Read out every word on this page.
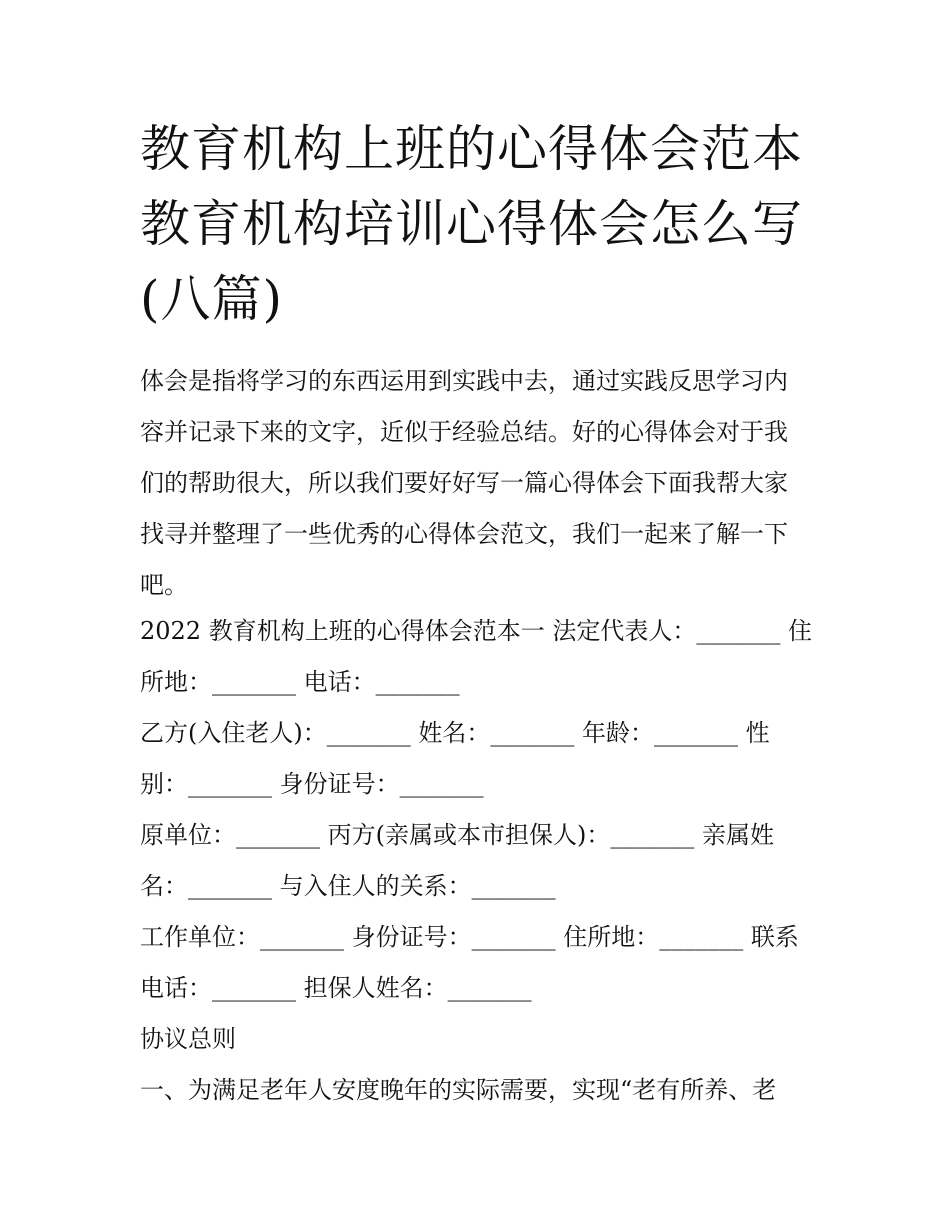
教育机构上班的心得体会范本
教育机构培训心得体会怎么写
(八篇)

体会是指将学习的东西运用到实践中去，通过实践反思学习内
容并记录下来的文字，近似于经验总结。好的心得体会对于我
们的帮助很大，所以我们要好好写一篇心得体会下面我帮大家
找寻并整理了一些优秀的心得体会范文，我们一起来了解一下
吧。

2022 教育机构上班的心得体会范本一 法定代表人：_______ 住
所地：_______ 电话：_______

乙方(入住老人)：_______ 姓名：_______ 年龄：_______ 性
别：_______ 身份证号：_______

原单位：_______ 丙方(亲属或本市担保人)：_______ 亲属姓
名：_______ 与入住人的关系：_______

工作单位：_______ 身份证号：_______ 住所地：_______ 联系
电话：_______ 担保人姓名：_______

协议总则

一、为满足老年人安度晚年的实际需要，实现“老有所养、老
